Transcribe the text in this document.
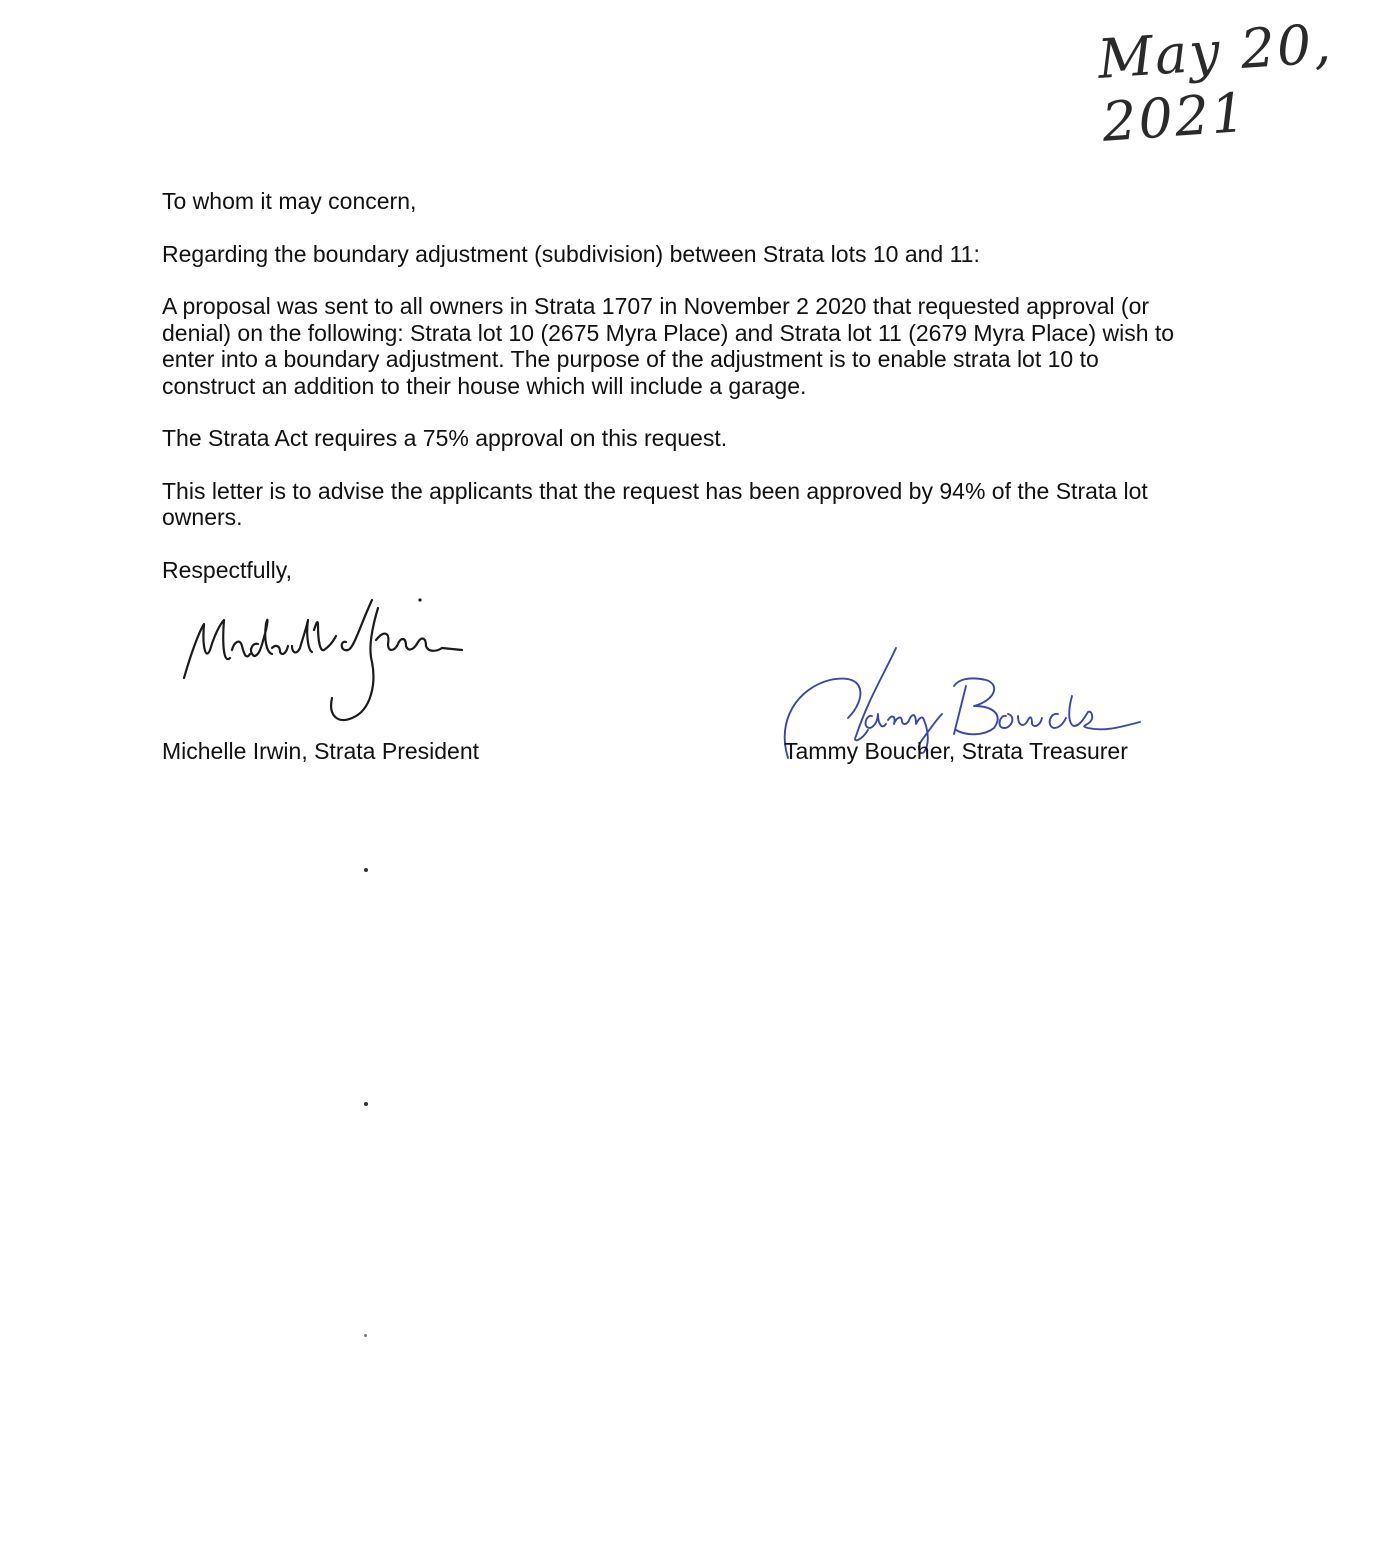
May 20, 2021

To whom it may concern,

Regarding the boundary adjustment (subdivision) between Strata lots 10 and 11:

A proposal was sent to all owners in Strata 1707 in November 2 2020 that requested approval (or denial) on the following: Strata lot 10 (2675 Myra Place) and Strata lot 11 (2679 Myra Place) wish to enter into a boundary adjustment. The purpose of the adjustment is to enable strata lot 10 to construct an addition to their house which will include a garage.

The Strata Act requires a 75% approval on this request.

This letter is to advise the applicants that the request has been approved by 94% of the Strata lot owners.

Respectfully,

Michelle Irwin, Strata President	Tammy Boucher, Strata Treasurer
